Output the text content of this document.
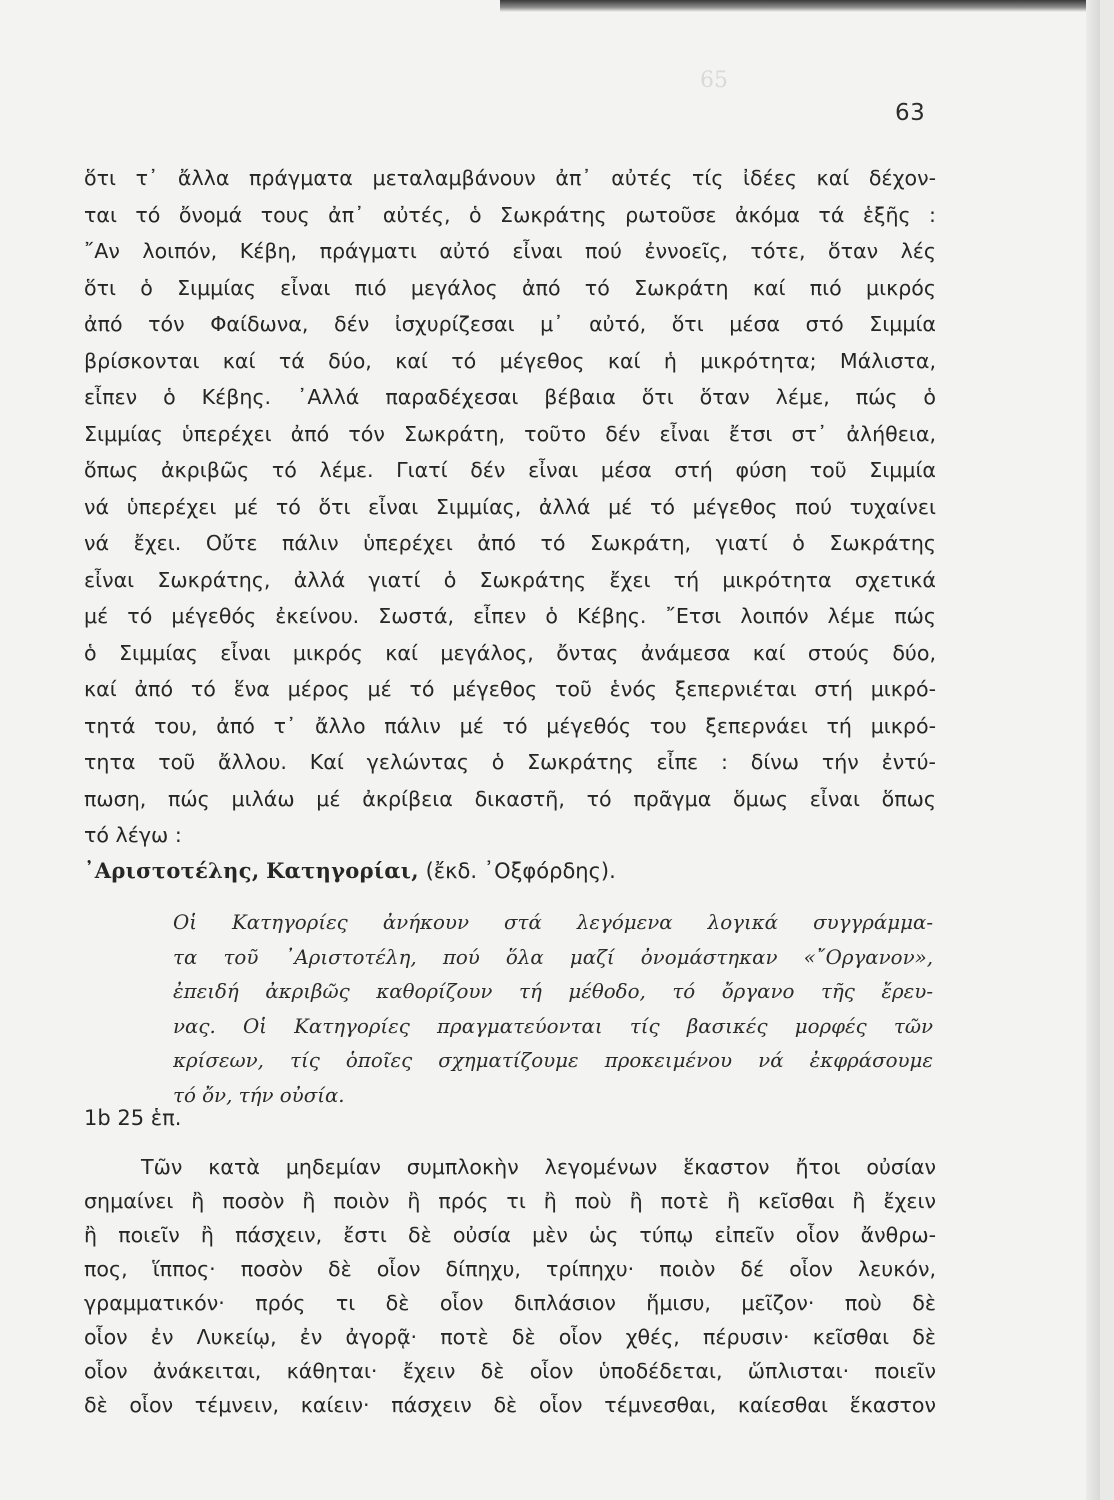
65
63
ὅτι τ᾿ ἄλλα πράγματα μεταλαμβάνουν ἀπ᾿ αὐτές τίς ἰδέες καί δέχον-
ται τό ὄνομά τους ἀπ᾿ αὐτές, ὁ Σωκράτης ρωτοῦσε ἀκόμα τά ἑξῆς :
῎Αν λοιπόν, Κέβη, πράγματι αὐτό εἶναι πού ἐννοεῖς, τότε, ὅταν λές
ὅτι ὁ Σιμμίας εἶναι πιό μεγάλος ἀπό τό Σωκράτη καί πιό μικρός
ἀπό τόν Φαίδωνα, δέν ἰσχυρίζεσαι μ᾿ αὐτό, ὅτι μέσα στό Σιμμία
βρίσκονται καί τά δύο, καί τό μέγεθος καί ἡ μικρότητα; Μάλιστα,
εἶπεν ὁ Κέβης. ᾿Αλλά παραδέχεσαι βέβαια ὅτι ὅταν λέμε, πώς ὁ
Σιμμίας ὑπερέχει ἀπό τόν Σωκράτη, τοῦτο δέν εἶναι ἔτσι στ᾿ ἀλήθεια,
ὅπως ἀκριβῶς τό λέμε. Γιατί δέν εἶναι μέσα στή φύση τοῦ Σιμμία
νά ὑπερέχει μέ τό ὅτι εἶναι Σιμμίας, ἀλλά μέ τό μέγεθος πού τυχαίνει
νά ἔχει. Οὔτε πάλιν ὑπερέχει ἀπό τό Σωκράτη, γιατί ὁ Σωκράτης
εἶναι Σωκράτης, ἀλλά γιατί ὁ Σωκράτης ἔχει τή μικρότητα σχετικά
μέ τό μέγεθός ἐκείνου. Σωστά, εἶπεν ὁ Κέβης. ῎Ετσι λοιπόν λέμε πώς
ὁ Σιμμίας εἶναι μικρός καί μεγάλος, ὄντας ἀνάμεσα καί στούς δύο,
καί ἀπό τό ἕνα μέρος μέ τό μέγεθος τοῦ ἑνός ξεπερνιέται στή μικρό-
τητά του, ἀπό τ᾿ ἄλλο πάλιν μέ τό μέγεθός του ξεπερνάει τή μικρό-
τητα τοῦ ἄλλου. Καί γελώντας ὁ Σωκράτης εἶπε : δίνω τήν ἐντύ-
πωση, πώς μιλάω μέ ἀκρίβεια δικαστῆ, τό πρᾶγμα ὅμως εἶναι ὅπως
τό λέγω :
᾿Αριστοτέλης, Κατηγορίαι, (ἔκδ. ᾿Οξφόρδης).
Οἱ Κατηγορίες ἀνήκουν στά λεγόμενα λογικά συγγράμμα-
τα τοῦ ᾿Αριστοτέλη, πού ὅλα μαζί ὀνομάστηκαν «῎Οργανον»,
ἐπειδή ἀκριβῶς καθορίζουν τή μέθοδο, τό ὄργανο τῆς ἔρευ-
νας. Οἱ Κατηγορίες πραγματεύονται τίς βασικές μορφές τῶν
κρίσεων, τίς ὁποῖες σχηματίζουμε προκειμένου νά ἐκφράσουμε
τό ὄν, τήν οὐσία.
1b 25 ἑπ.
Τῶν κατὰ μηδεμίαν συμπλοκὴν λεγομένων ἕκαστον ἤτοι οὐσίαν
σημαίνει ἢ ποσὸν ἢ ποιὸν ἢ πρός τι ἢ ποὺ ἢ ποτὲ ἢ κεῖσθαι ἢ ἔχειν
ἢ ποιεῖν ἢ πάσχειν, ἔστι δὲ οὐσία μὲν ὡς τύπῳ εἰπεῖν οἷον ἄνθρω-
πος, ἵππος· ποσὸν δὲ οἷον δίπηχυ, τρίπηχυ· ποιὸν δέ οἷον λευκόν,
γραμματικόν· πρός τι δὲ οἷον διπλάσιον ἥμισυ, μεῖζον· ποὺ δὲ
οἷον ἐν Λυκείῳ, ἐν ἀγορᾷ· ποτὲ δὲ οἷον χθές, πέρυσιν· κεῖσθαι δὲ
οἷον ἀνάκειται, κάθηται· ἔχειν δὲ οἷον ὑποδέδεται, ὥπλισται· ποιεῖν
δὲ οἷον τέμνειν, καίειν· πάσχειν δὲ οἷον τέμνεσθαι, καίεσθαι ἕκαστον
